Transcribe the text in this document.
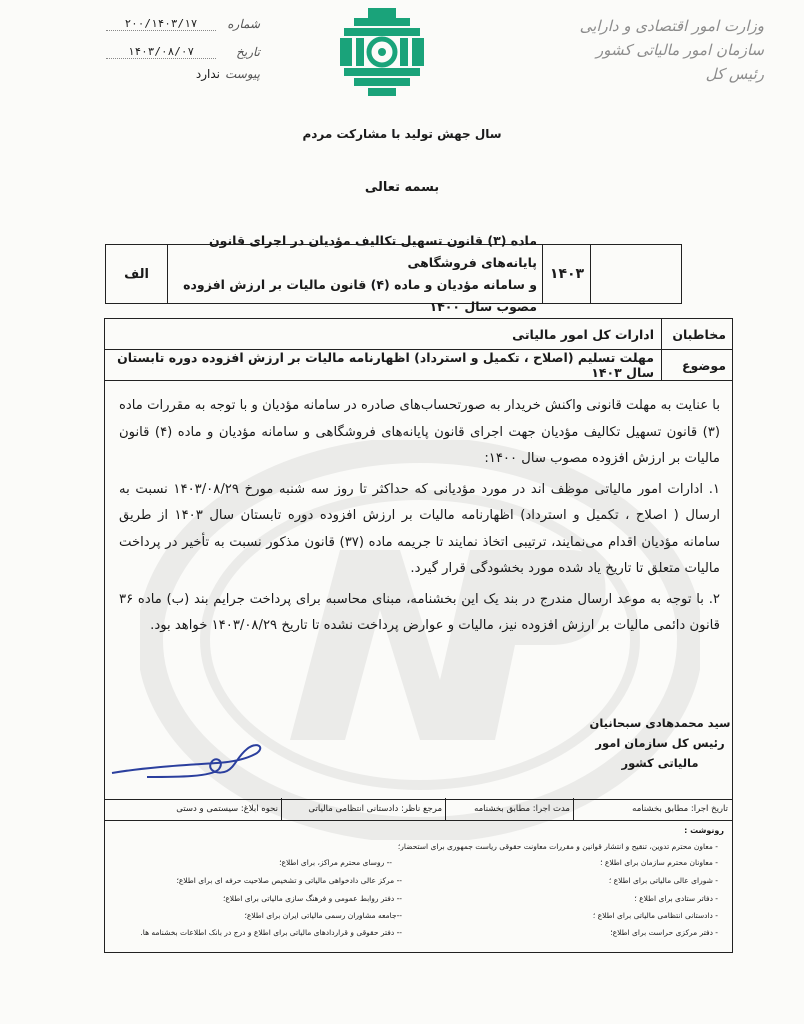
وزارت امور اقتصادی و دارایی
سازمان امور مالیاتی کشور
رئیس کل
شماره
۲۰۰/۱۴۰۳/۱۷
تاریخ
۱۴۰۳/۰۸/۰۷
پیوست
ندارد
سال جهش تولید با مشارکت مردم
بسمه تعالی
۱۴۰۳
ماده (۳) قانون تسهیل تکالیف مؤدیان در اجرای قانون پایانه‌های فروشگاهی
و سامانه مؤدیان و ماده (۴) قانون مالیات بر ارزش افزوده مصوب سال ۱۴۰۰
الف
مخاطبان
ادارات کل امور مالیاتی
موضوع
مهلت تسلیم (اصلاح ، تکمیل و استرداد) اظهارنامه مالیات بر ارزش افزوده دوره تابستان سال ۱۴۰۳

با عنایت به مهلت قانونی واکنش خریدار به صورتحساب‌های صادره در سامانه مؤدیان و با توجه به مقررات ماده (۳) قانون تسهیل تکالیف مؤدیان جهت اجرای قانون پایانه‌های فروشگاهی و سامانه مؤدیان و ماده (۴) قانون مالیات بر ارزش افزوده مصوب سال ۱۴۰۰:

۱. ادارات امور مالیاتی موظف اند در مورد مؤدیانی که حداکثر تا روز سه شنبه مورخ ۱۴۰۳/۰۸/۲۹ نسبت به ارسال ( اصلاح ، تکمیل و استرداد) اظهارنامه مالیات بر ارزش افزوده دوره تابستان سال ۱۴۰۳ از طریق سامانه مؤدیان اقدام می‌نمایند، ترتیبی اتخاذ نمایند تا جریمه ماده (۳۷) قانون مذکور نسبت به تأخیر در پرداخت مالیات متعلق تا تاریخ یاد شده مورد بخشودگی قرار گیرد.

۲. با توجه به موعد ارسال مندرج در بند یک این بخشنامه، مبنای محاسبه برای پرداخت جرایم بند (ب) ماده ۳۶ قانون دائمی مالیات بر ارزش افزوده نیز، مالیات و عوارض پرداخت نشده تا تاریخ ۱۴۰۳/۰۸/۲۹ خواهد بود.

سید محمدهادی سبحانیان
رئیس کل سازمان امور مالیاتی کشور
تاریخ اجرا: مطابق بخشنامه
مدت اجرا: مطابق بخشنامه
مرجع ناظر: دادستانی انتظامی مالیاتی
نحوه ابلاغ: سیستمی و دستی
رونوشت :
- معاون محترم تدوین، تنقیح و انتشار قوانین و مقررات معاونت حقوقی ریاست جمهوری برای استحضار؛
- معاونان محترم سازمان برای اطلاع ؛
- شورای عالی مالیاتی برای اطلاع ؛
- دفاتر ستادی برای اطلاع ؛
- دادستانی انتظامی مالیاتی برای اطلاع ؛
- دفتر مرکزی حراست برای اطلاع؛
-- روسای محترم مراکز، برای اطلاع؛
-- مرکز عالی دادخواهی مالیاتی و تشخیص صلاحیت حرفه ای برای اطلاع؛
-- دفتر روابط عمومی و فرهنگ سازی مالیاتی برای اطلاع؛
--جامعه مشاوران رسمی مالیاتی ایران برای اطلاع؛
-- دفتر حقوقی و قراردادهای مالیاتی برای اطلاع و درج در بانک اطلاعات بخشنامه ها.
